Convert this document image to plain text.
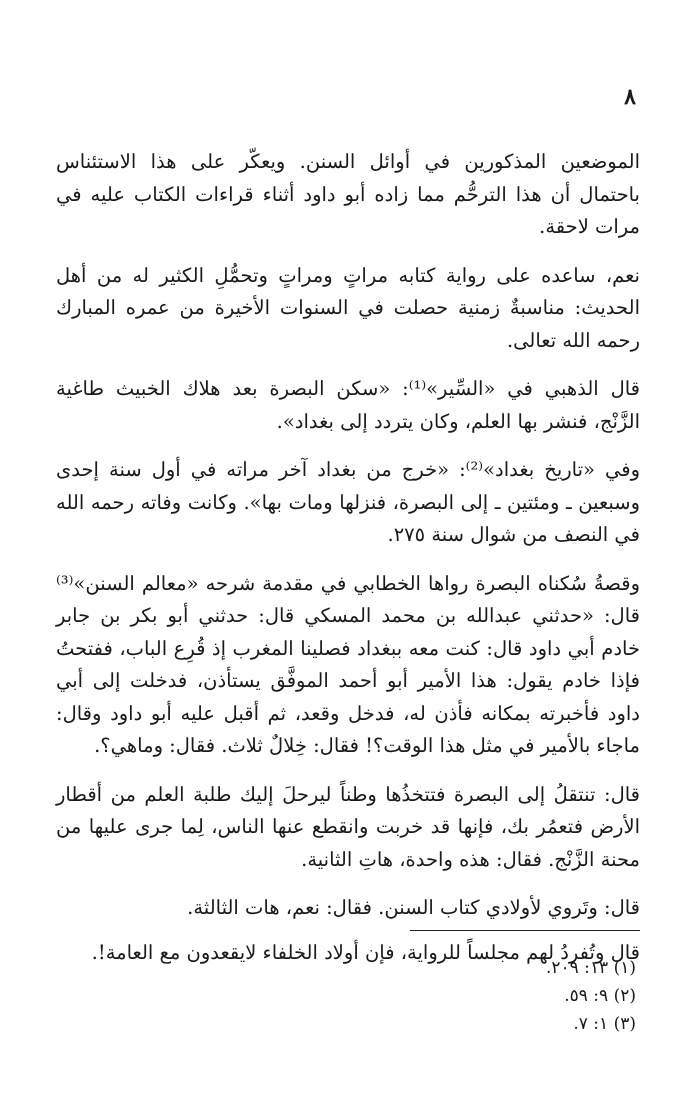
٨

الموضعين المذكورين في أوائل السنن. ويعكّر على هذا الاستئناس باحتمال أن هذا الترحُّم مما زاده أبو داود أثناء قراءات الكتاب عليه في مرات لاحقة.

نعم، ساعده على رواية كتابه مراتٍ ومراتٍ وتحمُّلِ الكثير له من أهل الحديث: مناسبةٌ زمنية حصلت في السنوات الأخيرة من عمره المبارك رحمه الله تعالى.

قال الذهبي في «السِّير»⁽¹⁾: «سكن البصرة بعد هلاك الخبيث طاغية الزَّنْج، فنشر بها العلم، وكان يتردد إلى بغداد».

وفي «تاريخ بغداد»⁽²⁾: «خرج من بغداد آخر مراته في أول سنة إحدى وسبعين ـ ومئتين ـ إلى البصرة، فنزلها ومات بها». وكانت وفاته رحمه الله في النصف من شوال سنة ٢٧٥.

وقصةُ سُكناه البصرة رواها الخطابي في مقدمة شرحه «معالم السنن»⁽³⁾ قال: «حدثني عبدالله بن محمد المسكي قال: حدثني أبو بكر بن جابر خادم أبي داود قال: كنت معه ببغداد فصلينا المغرب إذ قُرِع الباب، ففتحتُ فإذا خادم يقول: هذا الأمير أبو أحمد الموفَّق يستأذن، فدخلت إلى أبي داود فأخبرته بمكانه فأذن له، فدخل وقعد، ثم أقبل عليه أبو داود وقال: ماجاء بالأمير في مثل هذا الوقت؟! فقال: خِلالٌ ثلاث. فقال: وماهي؟.

قال: تنتقلُ إلى البصرة فتتخذُها وطناً ليرحلَ إليك طلبة العلم من أقطار الأرض فتعمُر بك، فإنها قد خربت وانقطع عنها الناس، لِما جرى عليها من محنة الزَّنْج. فقال: هذه واحدة، هاتِ الثانية.

قال: وتَروي لأولادي كتاب السنن. فقال: نعم، هات الثالثة.

قال وتُفردُ لهم مجلساً للرواية، فإن أولاد الخلفاء لايقعدون مع العامة!.

(١) ١٣: ٢٠٩.

(٢) ٩: ٥٩.

(٣) ١: ٧.
